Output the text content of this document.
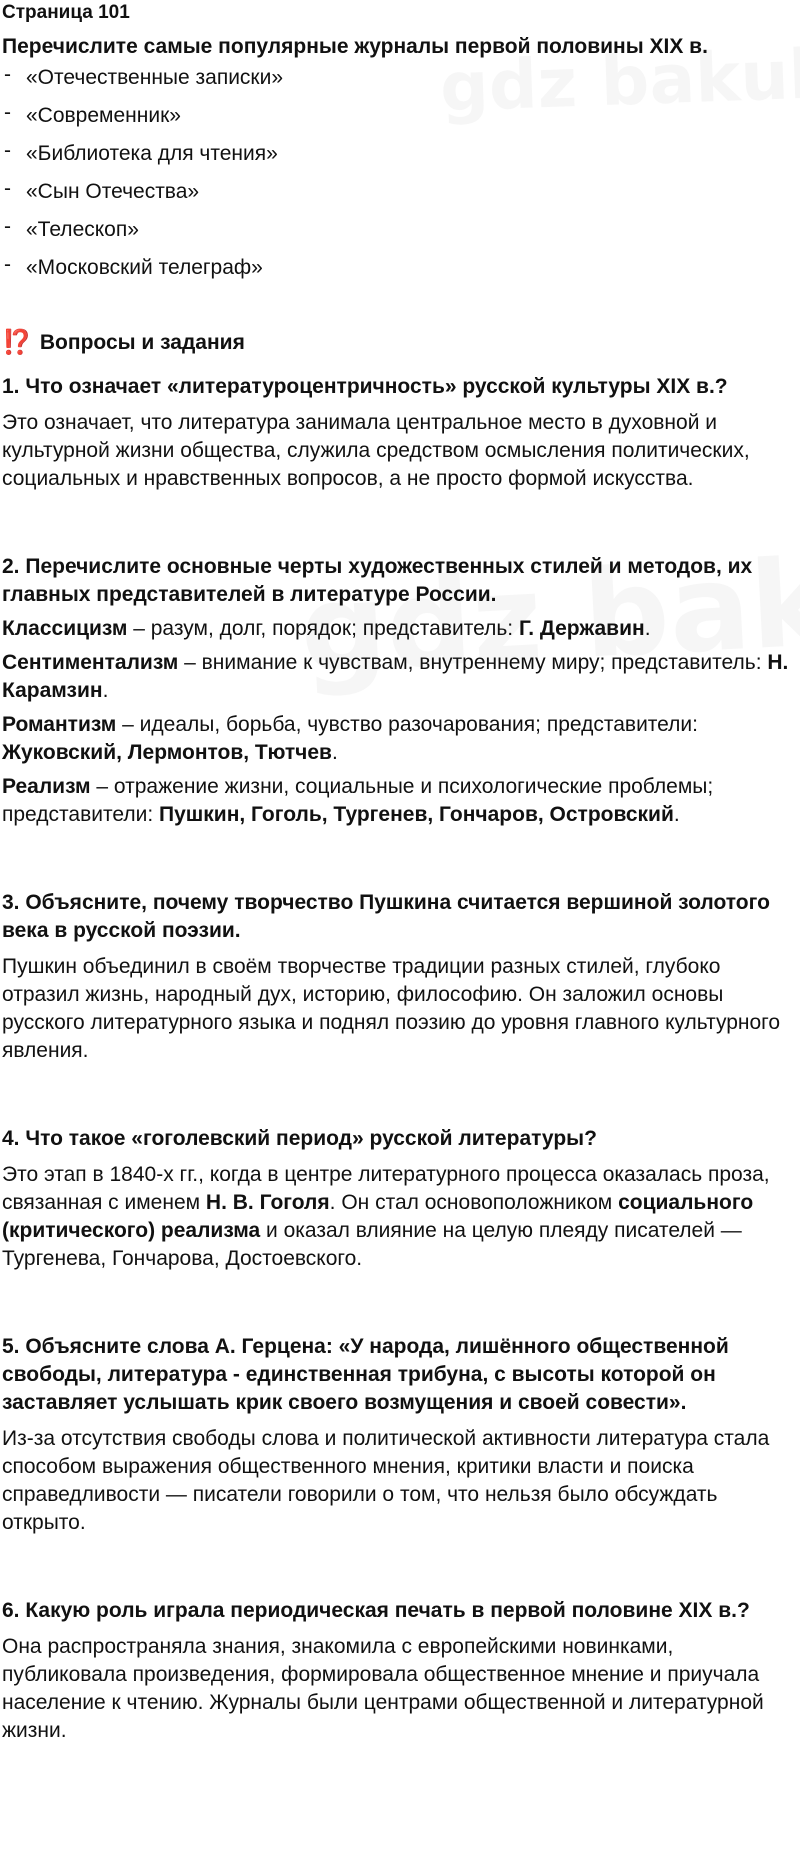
Страница 101
Перечислите самые популярные журналы первой половины XIX в.
- «Отечественные записки»
- «Современник»
- «Библиотека для чтения»
- «Сын Отечества»
- «Телескоп»
- «Московский телеграф»
⁉️ Вопросы и задания
1. Что означает «литературоцентричность» русской культуры XIX в.?
Это означает, что литература занимала центральное место в духовной и культурной жизни общества, служила средством осмысления политических, социальных и нравственных вопросов, а не просто формой искусства.
2. Перечислите основные черты художественных стилей и методов, их главных представителей в литературе России.
Классицизм – разум, долг, порядок; представитель: Г. Державин.
Сентиментализм – внимание к чувствам, внутреннему миру; представитель: Н. Карамзин.
Романтизм – идеалы, борьба, чувство разочарования; представители: Жуковский, Лермонтов, Тютчев.
Реализм – отражение жизни, социальные и психологические проблемы; представители: Пушкин, Гоголь, Тургенев, Гончаров, Островский.
3. Объясните, почему творчество Пушкина считается вершиной золотого века в русской поэзии.
Пушкин объединил в своём творчестве традиции разных стилей, глубоко отразил жизнь, народный дух, историю, философию. Он заложил основы русского литературного языка и поднял поэзию до уровня главного культурного явления.
4. Что такое «гоголевский период» русской литературы?
Это этап в 1840-х гг., когда в центре литературного процесса оказалась проза, связанная с именем Н. В. Гоголя. Он стал основоположником социального (критического) реализма и оказал влияние на целую плеяду писателей — Тургенева, Гончарова, Достоевского.
5. Объясните слова А. Герцена: «У народа, лишённого общественной свободы, литература - единственная трибуна, с высоты которой он заставляет услышать крик своего возмущения и своей совести».
Из-за отсутствия свободы слова и политической активности литература стала способом выражения общественного мнения, критики власти и поиска справедливости — писатели говорили о том, что нельзя было обсуждать открыто.
6. Какую роль играла периодическая печать в первой половине XIX в.?
Она распространяла знания, знакомила с европейскими новинками, публиковала произведения, формировала общественное мнение и приучала население к чтению. Журналы были центрами общественной и литературной жизни.
